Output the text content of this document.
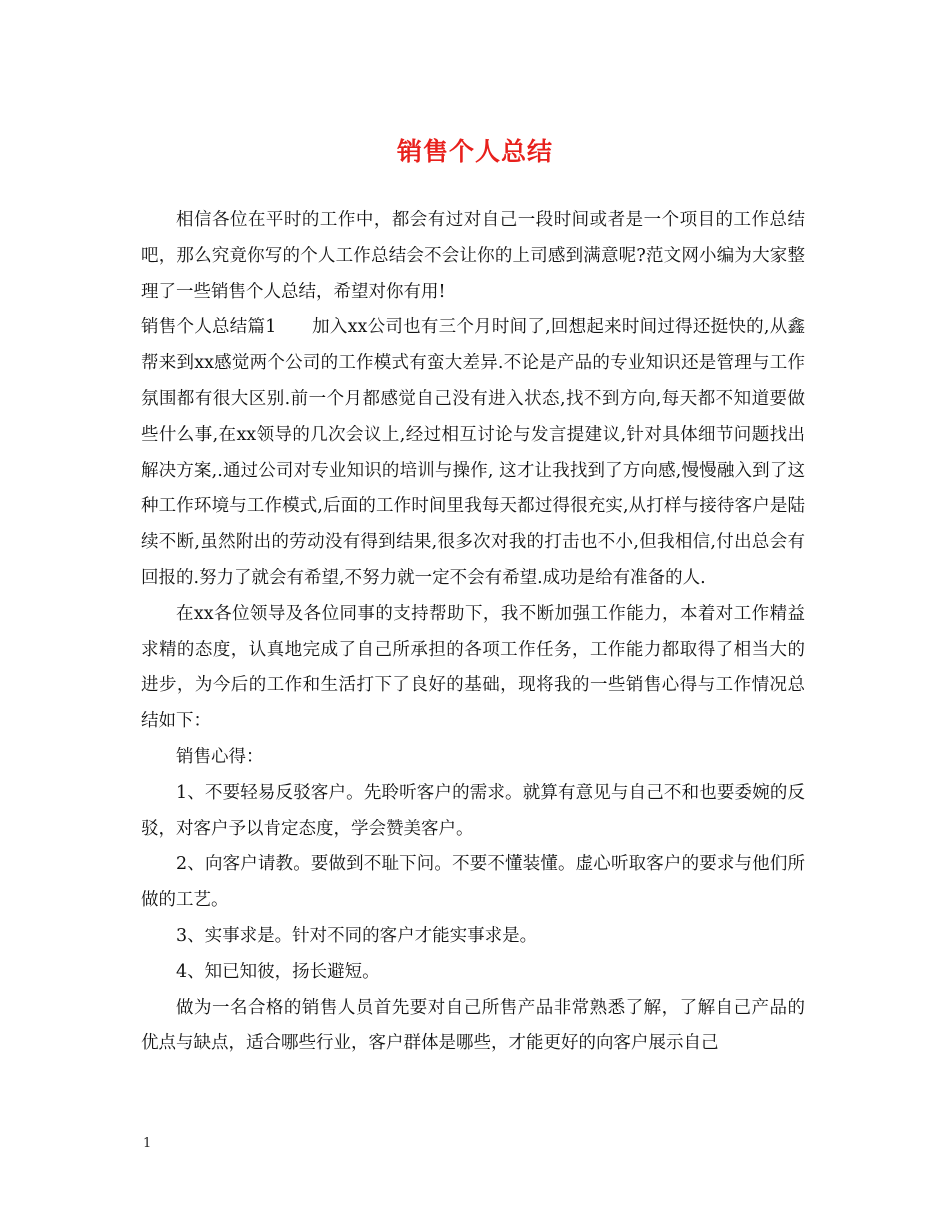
销售个人总结

相信各位在平时的工作中，都会有过对自己一段时间或者是一个项目的工作总结吧，那么究竟你写的个人工作总结会不会让你的上司感到满意呢?范文网小编为大家整理了一些销售个人总结，希望对你有用!

销售个人总结篇1　　加入xx公司也有三个月时间了,回想起来时间过得还挺快的,从鑫帮来到xx感觉两个公司的工作模式有蛮大差异.不论是产品的专业知识还是管理与工作氛围都有很大区别.前一个月都感觉自己没有进入状态,找不到方向,每天都不知道要做些什么事,在xx领导的几次会议上,经过相互讨论与发言提建议,针对具体细节问题找出解决方案,.通过公司对专业知识的培训与操作, 这才让我找到了方向感,慢慢融入到了这种工作环境与工作模式,后面的工作时间里我每天都过得很充实,从打样与接待客户是陆续不断,虽然附出的劳动没有得到结果,很多次对我的打击也不小,但我相信,付出总会有回报的.努力了就会有希望,不努力就一定不会有希望.成功是给有准备的人.

在xx各位领导及各位同事的支持帮助下，我不断加强工作能力，本着对工作精益求精的态度，认真地完成了自己所承担的各项工作任务，工作能力都取得了相当大的进步，为今后的工作和生活打下了良好的基础，现将我的一些销售心得与工作情况总结如下：

销售心得：

1、不要轻易反驳客户。先聆听客户的需求。就算有意见与自己不和也要委婉的反驳，对客户予以肯定态度，学会赞美客户。

2、向客户请教。要做到不耻下问。不要不懂装懂。虚心听取客户的要求与他们所做的工艺。

3、实事求是。针对不同的客户才能实事求是。

4、知已知彼，扬长避短。

做为一名合格的销售人员首先要对自己所售产品非常熟悉了解，了解自己产品的优点与缺点，适合哪些行业，客户群体是哪些，才能更好的向客户展示自己

1
